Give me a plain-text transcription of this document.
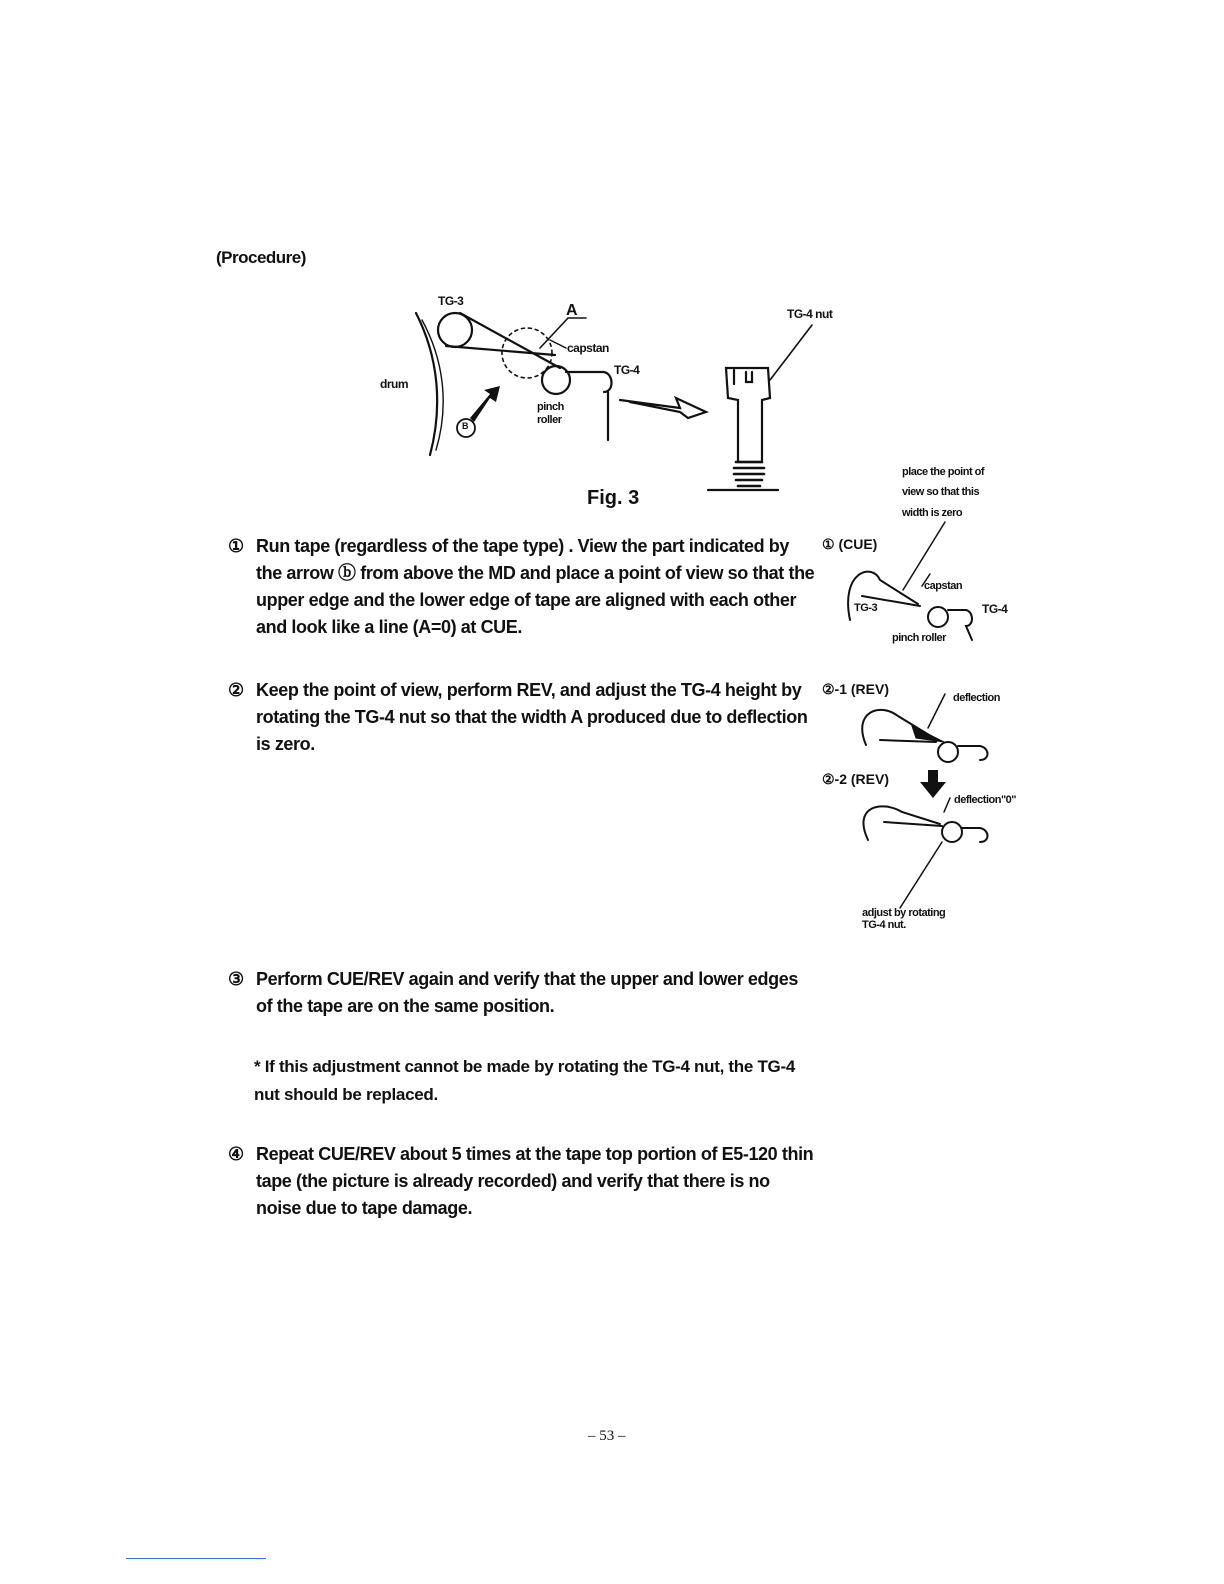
(Procedure)
TG-3
A
capstan
TG-4
drum
pinch
roller
B
TG-4 nut
Fig. 3
place the point of
view so that this
width is zero
① (CUE)
capstan
TG-3	TG-4
pinch roller
②-1 (REV)
deflection
②-2 (REV)
deflection"0"
adjust by rotating
TG-4 nut.
① Run tape (regardless of the tape type) . View the part indicated by the arrow ⓑ from above the MD and place a point of view so that the upper edge and the lower edge of tape are aligned with each other and look like a line (A=0) at CUE.
② Keep the point of view, perform REV, and adjust the TG-4 height by rotating the TG-4 nut so that the width A produced due to deflection is zero.
③ Perform CUE/REV again and verify that the upper and lower edges of the tape are on the same position.
* If this adjustment cannot be made by rotating the TG-4 nut, the TG-4 nut should be replaced.
④ Repeat CUE/REV about 5 times at the tape top portion of E5-120 thin tape (the picture is already recorded) and verify that there is no noise due to tape damage.
– 53 –
